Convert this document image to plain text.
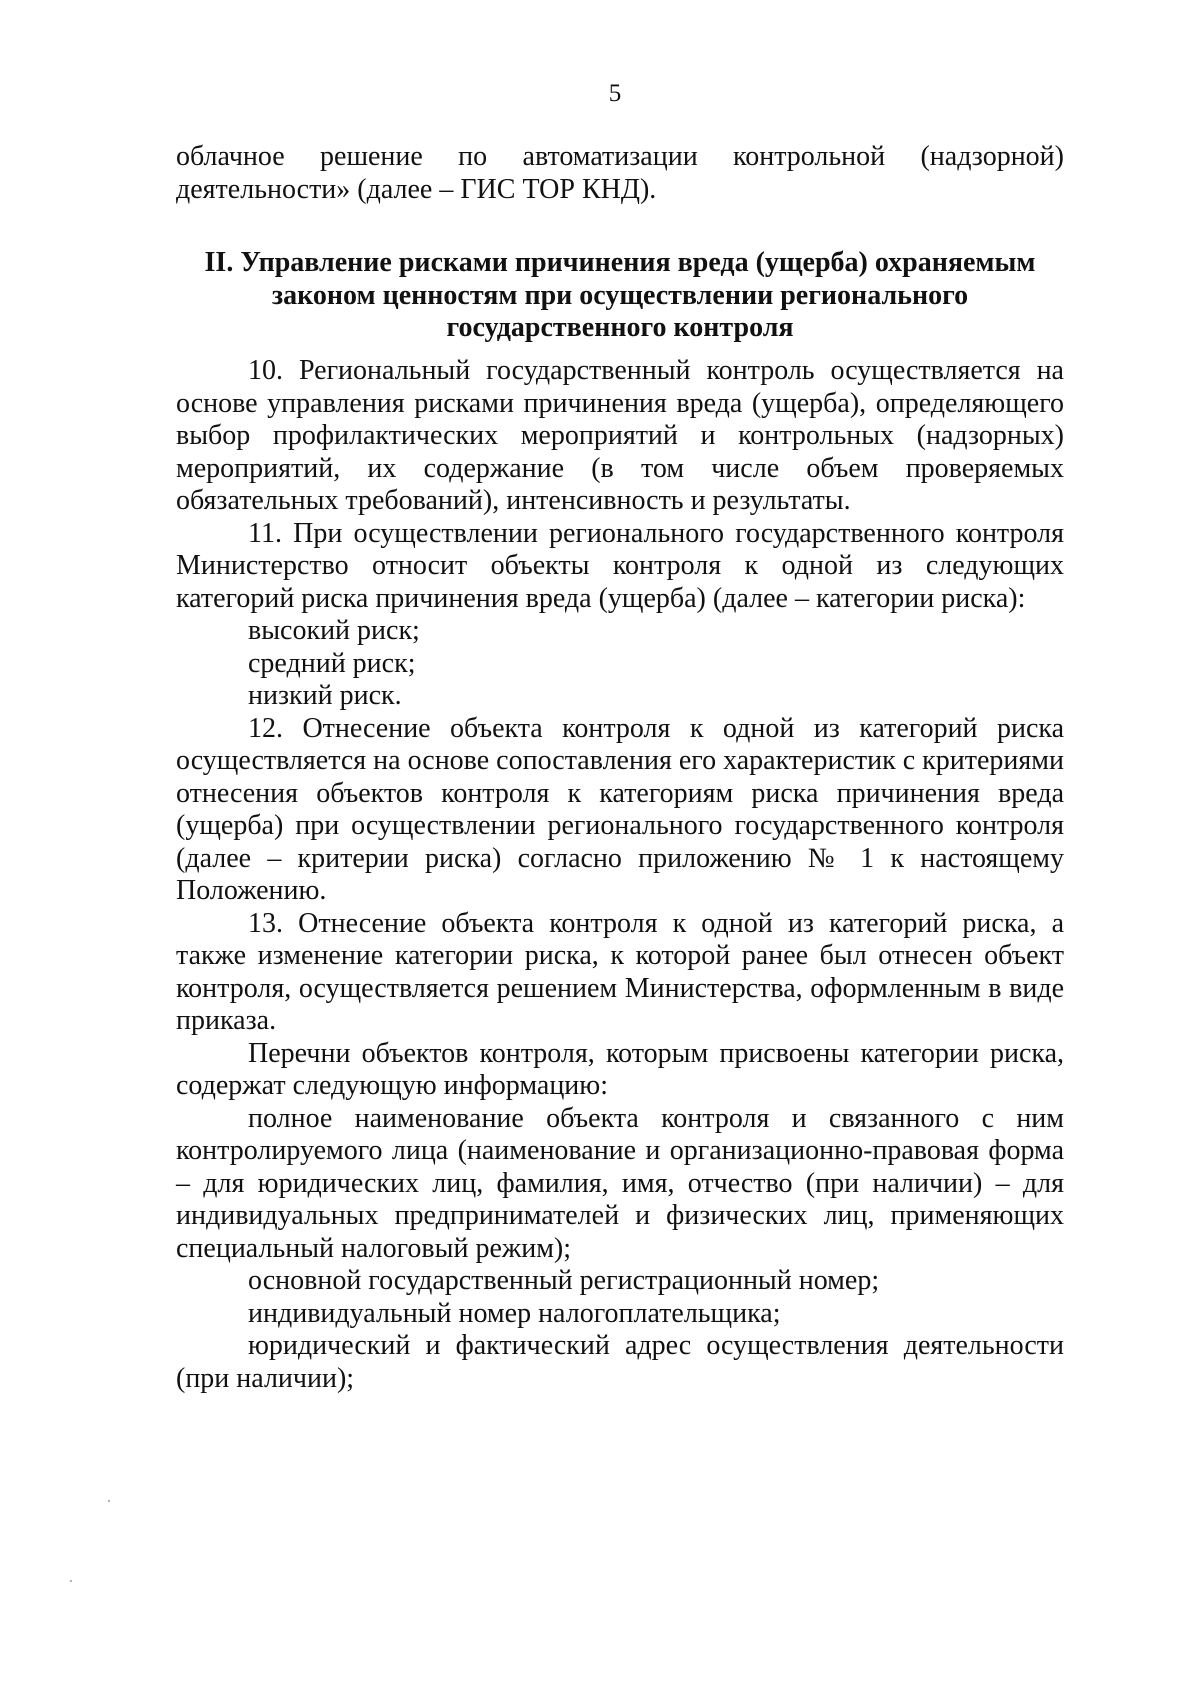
5

облачное решение по автоматизации контрольной (надзорной) деятельности» (далее – ГИС ТОР КНД).

II. Управление рисками причинения вреда (ущерба) охраняемым
законом ценностям при осуществлении регионального
государственного контроля

10. Региональный государственный контроль осуществляется на основе управления рисками причинения вреда (ущерба), определяющего выбор профилактических мероприятий и контрольных (надзорных) мероприятий, их содержание (в том числе объем проверяемых обязательных требований), интенсивность и результаты.

11. При осуществлении регионального государственного контроля Министерство относит объекты контроля к одной из следующих категорий риска причинения вреда (ущерба) (далее – категории риска):

высокий риск;

средний риск;

низкий риск.

12. Отнесение объекта контроля к одной из категорий риска осуществляется на основе сопоставления его характеристик с критериями отнесения объектов контроля к категориям риска причинения вреда (ущерба) при осуществлении регионального государственного контроля (далее – критерии риска) согласно приложению № 1 к настоящему Положению.

13. Отнесение объекта контроля к одной из категорий риска, а также изменение категории риска, к которой ранее был отнесен объект контроля, осуществляется решением Министерства, оформленным в виде приказа.

Перечни объектов контроля, которым присвоены категории риска, содержат следующую информацию:

полное наименование объекта контроля и связанного с ним контролируемого лица (наименование и организационно-правовая форма – для юридических лиц, фамилия, имя, отчество (при наличии) – для индивидуальных предпринимателей и физических лиц, применяющих специальный налоговый режим);

основной государственный регистрационный номер;

индивидуальный номер налогоплательщика;

юридический и фактический адрес осуществления деятельности (при наличии);
